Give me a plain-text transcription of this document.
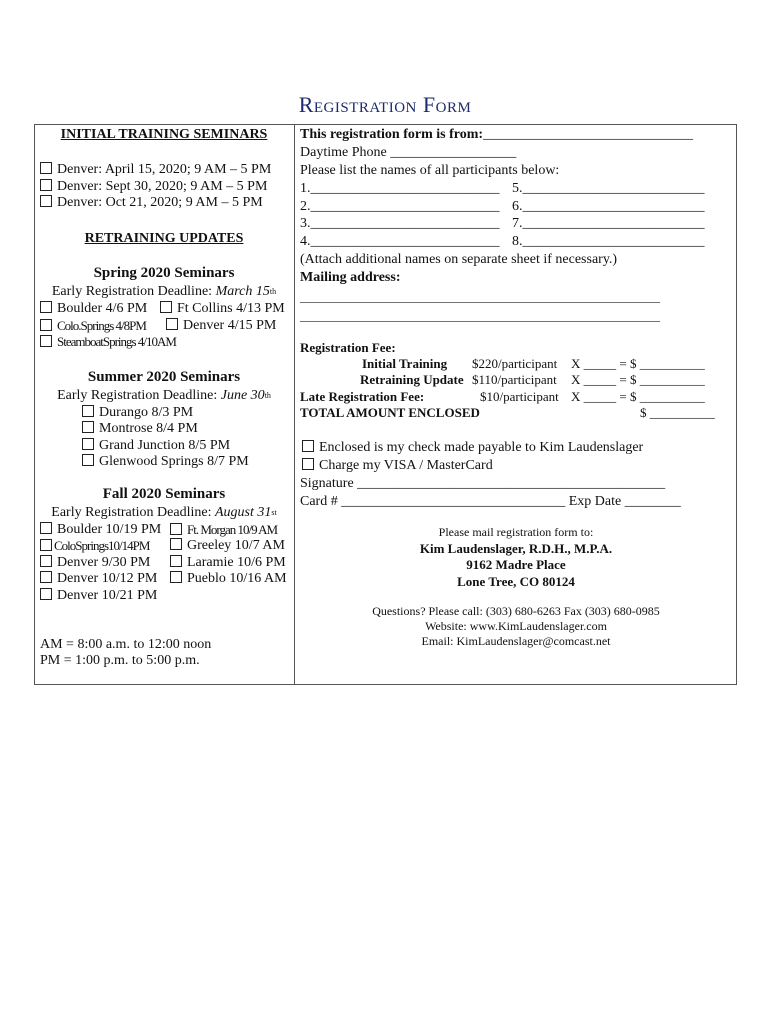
Registration Form
INITIAL TRAINING SEMINARS
Denver: April 15, 2020; 9 AM – 5 PM
Denver: Sept 30, 2020; 9 AM – 5 PM
Denver: Oct 21, 2020; 9 AM – 5 PM
RETRAINING UPDATES
Spring 2020 Seminars
Early Registration Deadline: March 15th
Boulder 4/6 PM	Ft Collins 4/13 PM
Colo.Springs 4/8PM	Denver 4/15 PM
SteamboatSprings 4/10AM
Summer 2020 Seminars
Early Registration Deadline: June 30th
Durango 8/3 PM
Montrose 8/4 PM
Grand Junction 8/5 PM
Glenwood Springs 8/7 PM
Fall 2020 Seminars
Early Registration Deadline: August 31st
Boulder 10/19 PM	Ft. Morgan 10/9 AM
ColoSprings10/14PM	Greeley 10/7 AM
Denver 9/30 PM	Laramie 10/6 PM
Denver 10/12 PM	Pueblo 10/16 AM
Denver 10/21 PM
AM = 8:00 a.m. to 12:00 noon
PM = 1:00 p.m. to 5:00 p.m.
This registration form is from:______________________________
Daytime Phone __________________
Please list the names of all participants below:
1.___________________________ 5.__________________________
2.___________________________ 6.__________________________
3.___________________________ 7.__________________________
4.___________________________ 8.__________________________
(Attach additional names on separate sheet if necessary.)
Mailing address:
____________________________________________________________
____________________________________________________________
Registration Fee:
Initial Training $220/participant X _____ = $ __________
Retraining Update $110/participant X _____ = $ __________
Late Registration Fee:	$10/participant X _____ = $ __________
TOTAL AMOUNT ENCLOSED	$ __________
Enclosed is my check made payable to Kim Laudenslager
Charge my VISA / MasterCard
Signature ____________________________________________
Card # ________________________________ Exp Date ________
Please mail registration form to:
Kim Laudenslager, R.D.H., M.P.A.
9162 Madre Place
Lone Tree, CO 80124
Questions? Please call: (303) 680-6263 Fax (303) 680-0985
Website: www.KimLaudenslager.com
Email: KimLaudenslager@comcast.net
